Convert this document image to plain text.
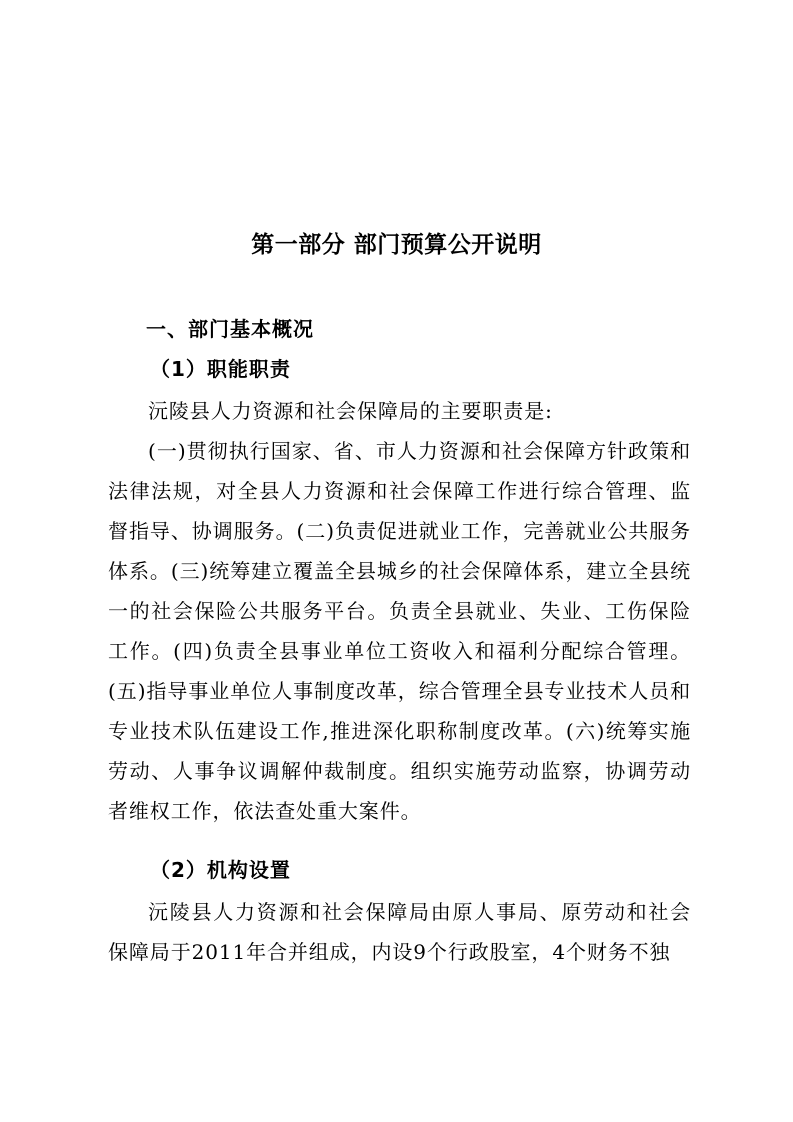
第一部分 部门预算公开说明
一、部门基本概况
（1）职能职责

沅陵县人力资源和社会保障局的主要职责是:

(一)贯彻执行国家、省、市人力资源和社会保障方针政策和法律法规，对全县人力资源和社会保障工作进行综合管理、监督指导、协调服务。(二)负责促进就业工作，完善就业公共服务体系。(三)统筹建立覆盖全县城乡的社会保障体系，建立全县统一的社会保险公共服务平台。负责全县就业、失业、工伤保险工作。(四)负责全县事业单位工资收入和福利分配综合管理。(五)指导事业单位人事制度改革，综合管理全县专业技术人员和专业技术队伍建设工作,推进深化职称制度改革。(六)统筹实施劳动、人事争议调解仲裁制度。组织实施劳动监察，协调劳动者维权工作，依法查处重大案件。

（2）机构设置

沅陵县人力资源和社会保障局由原人事局、原劳动和社会保障局于2011年合并组成，内设9个行政股室，4个财务不独
